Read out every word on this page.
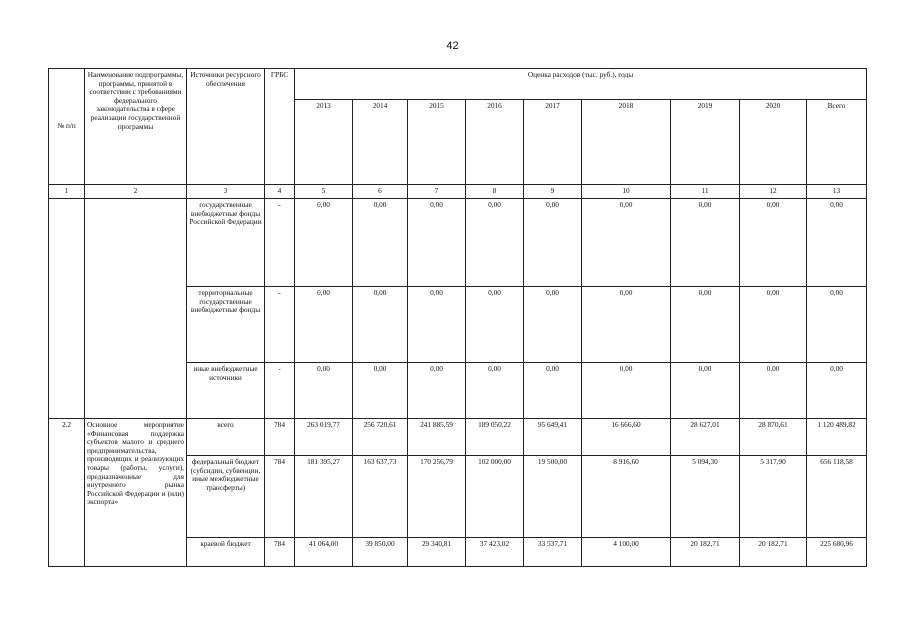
42
№ п/п	Наименование подпрограммы, программы, принятой в соответствии с требованиями федерального законодательства в сфере реализации государственной программы	Источники ресурсного обеспечения	ГРБС	Оценка расходов (тыс. руб.), годы								
				2013	2014	2015	2016	2017	2018	2019	2020	Всего
1	2	3	4	5	6	7	8	9	10	11	12	13
		государственные внебюджетные фонды Российской Федерации	-	0,00	0,00	0,00	0,00	0,00	0,00	0,00	0,00	0,00
		территориальные государственные внебюджетные фонды	-	0,00	0,00	0,00	0,00	0,00	0,00	0,00	0,00	0,00
		иные внебюджетные источники	-	0,00	0,00	0,00	0,00	0,00	0,00	0,00	0,00	0,00
2.2	Основное мероприятие «Финансовая поддержка субъектов малого и среднего предпринимательства, производящих и реализующих товары (работы, услуги), предназначенные для внутреннего рынка Российской Федерации и (или) экспорта»	всего	784	263 019,77	256 720,61	241 885,59	189 050,22	95 649,41	16 666,60	28 627,01	28 870,61	1 120 489,82
		федеральный бюджет (субсидии, субвенции, иные межбюджетные трансферты)	784	181 395,27	163 637,73	170 256,79	102 000,00	19 500,00	8 916,60	5 094,30	5 317,90	656 118,58
		краевой бюджет	784	41 064,00	39 850,00	29 340,81	37 423,02	33 537,71	4 100,00	20 182,71	20 182,71	225 680,96
